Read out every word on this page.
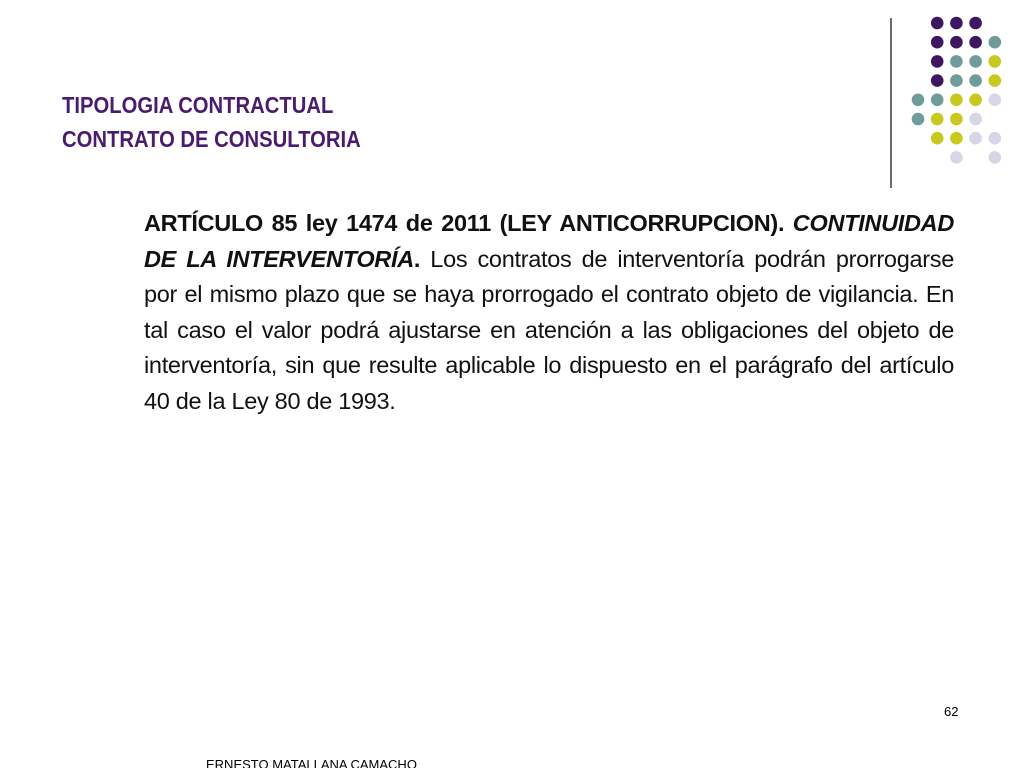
TIPOLOGIA CONTRACTUAL
CONTRATO DE CONSULTORIA
ARTÍCULO 85 ley 1474 de 2011 (LEY ANTICORRUPCION). CONTINUIDAD DE LA INTERVENTORÍA. Los contratos de interventoría podrán prorrogarse por el mismo plazo que se haya prorrogado el contrato objeto de vigilancia. En tal caso el valor podrá ajustarse en atención a las obligaciones del objeto de interventoría, sin que resulte aplicable lo dispuesto en el parágrafo del artículo 40 de la Ley 80 de 1993.
62
ERNESTO MATALLANA CAMACHO
